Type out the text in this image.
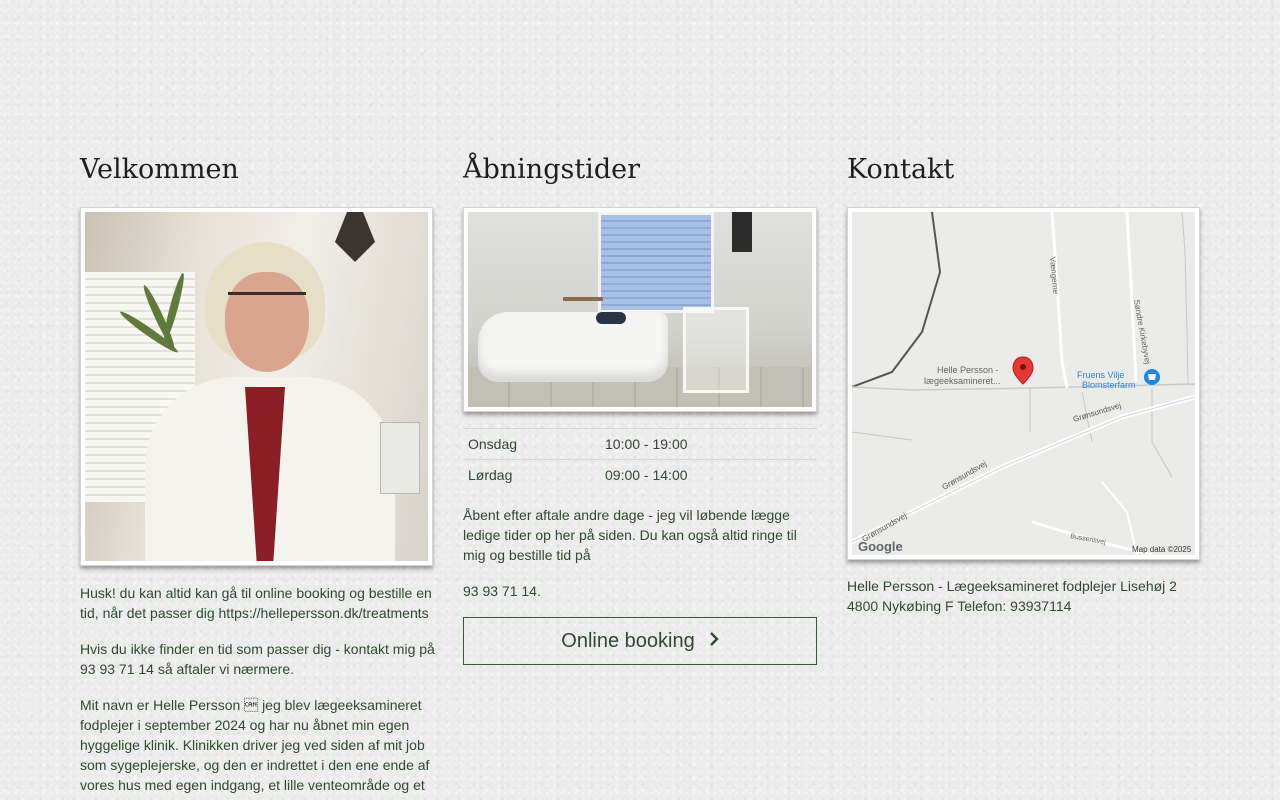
Velkommen

Husk! du kan altid kan gå til online booking og bestille en tid, når det passer dig https://hellepersson.dk/treatments

Hvis du ikke finder en tid som passer dig - kontakt mig på 93 93 71 14 så aftaler vi nærmere.

Mit navn er Helle Persson  jeg blev lægeeksamineret fodplejer i september 2024 og har nu åbnet min egen hyggelige klinik. Klinikken driver jeg ved siden af mit job som sygeplejerske, og den er indrettet i den ene ende af vores hus med egen indgang, et lille venteområde og et

Åbningstider
Onsdag	10:00 - 19:00
Lørdag	09:00 - 14:00

Åbent efter aftale andre dage - jeg vil løbende lægge ledige tider op her på siden. Du kan også altid ringe til mig og bestille tid på

93 93 71 14.

Online booking
Kontakt
Vængerne
Søndre Kirkebyvej
Grønsundsvej
Grønsundsvej
Grønsundsvej	Busserisvej
Helle Persson -
lægeeksamineret...
Fruens Vilje
Blomsterfarm
Google	Map data ©2025

Helle Persson - Lægeeksamineret fodplejer Lisehøj 2 4800 Nykøbing F Telefon: 93937114
